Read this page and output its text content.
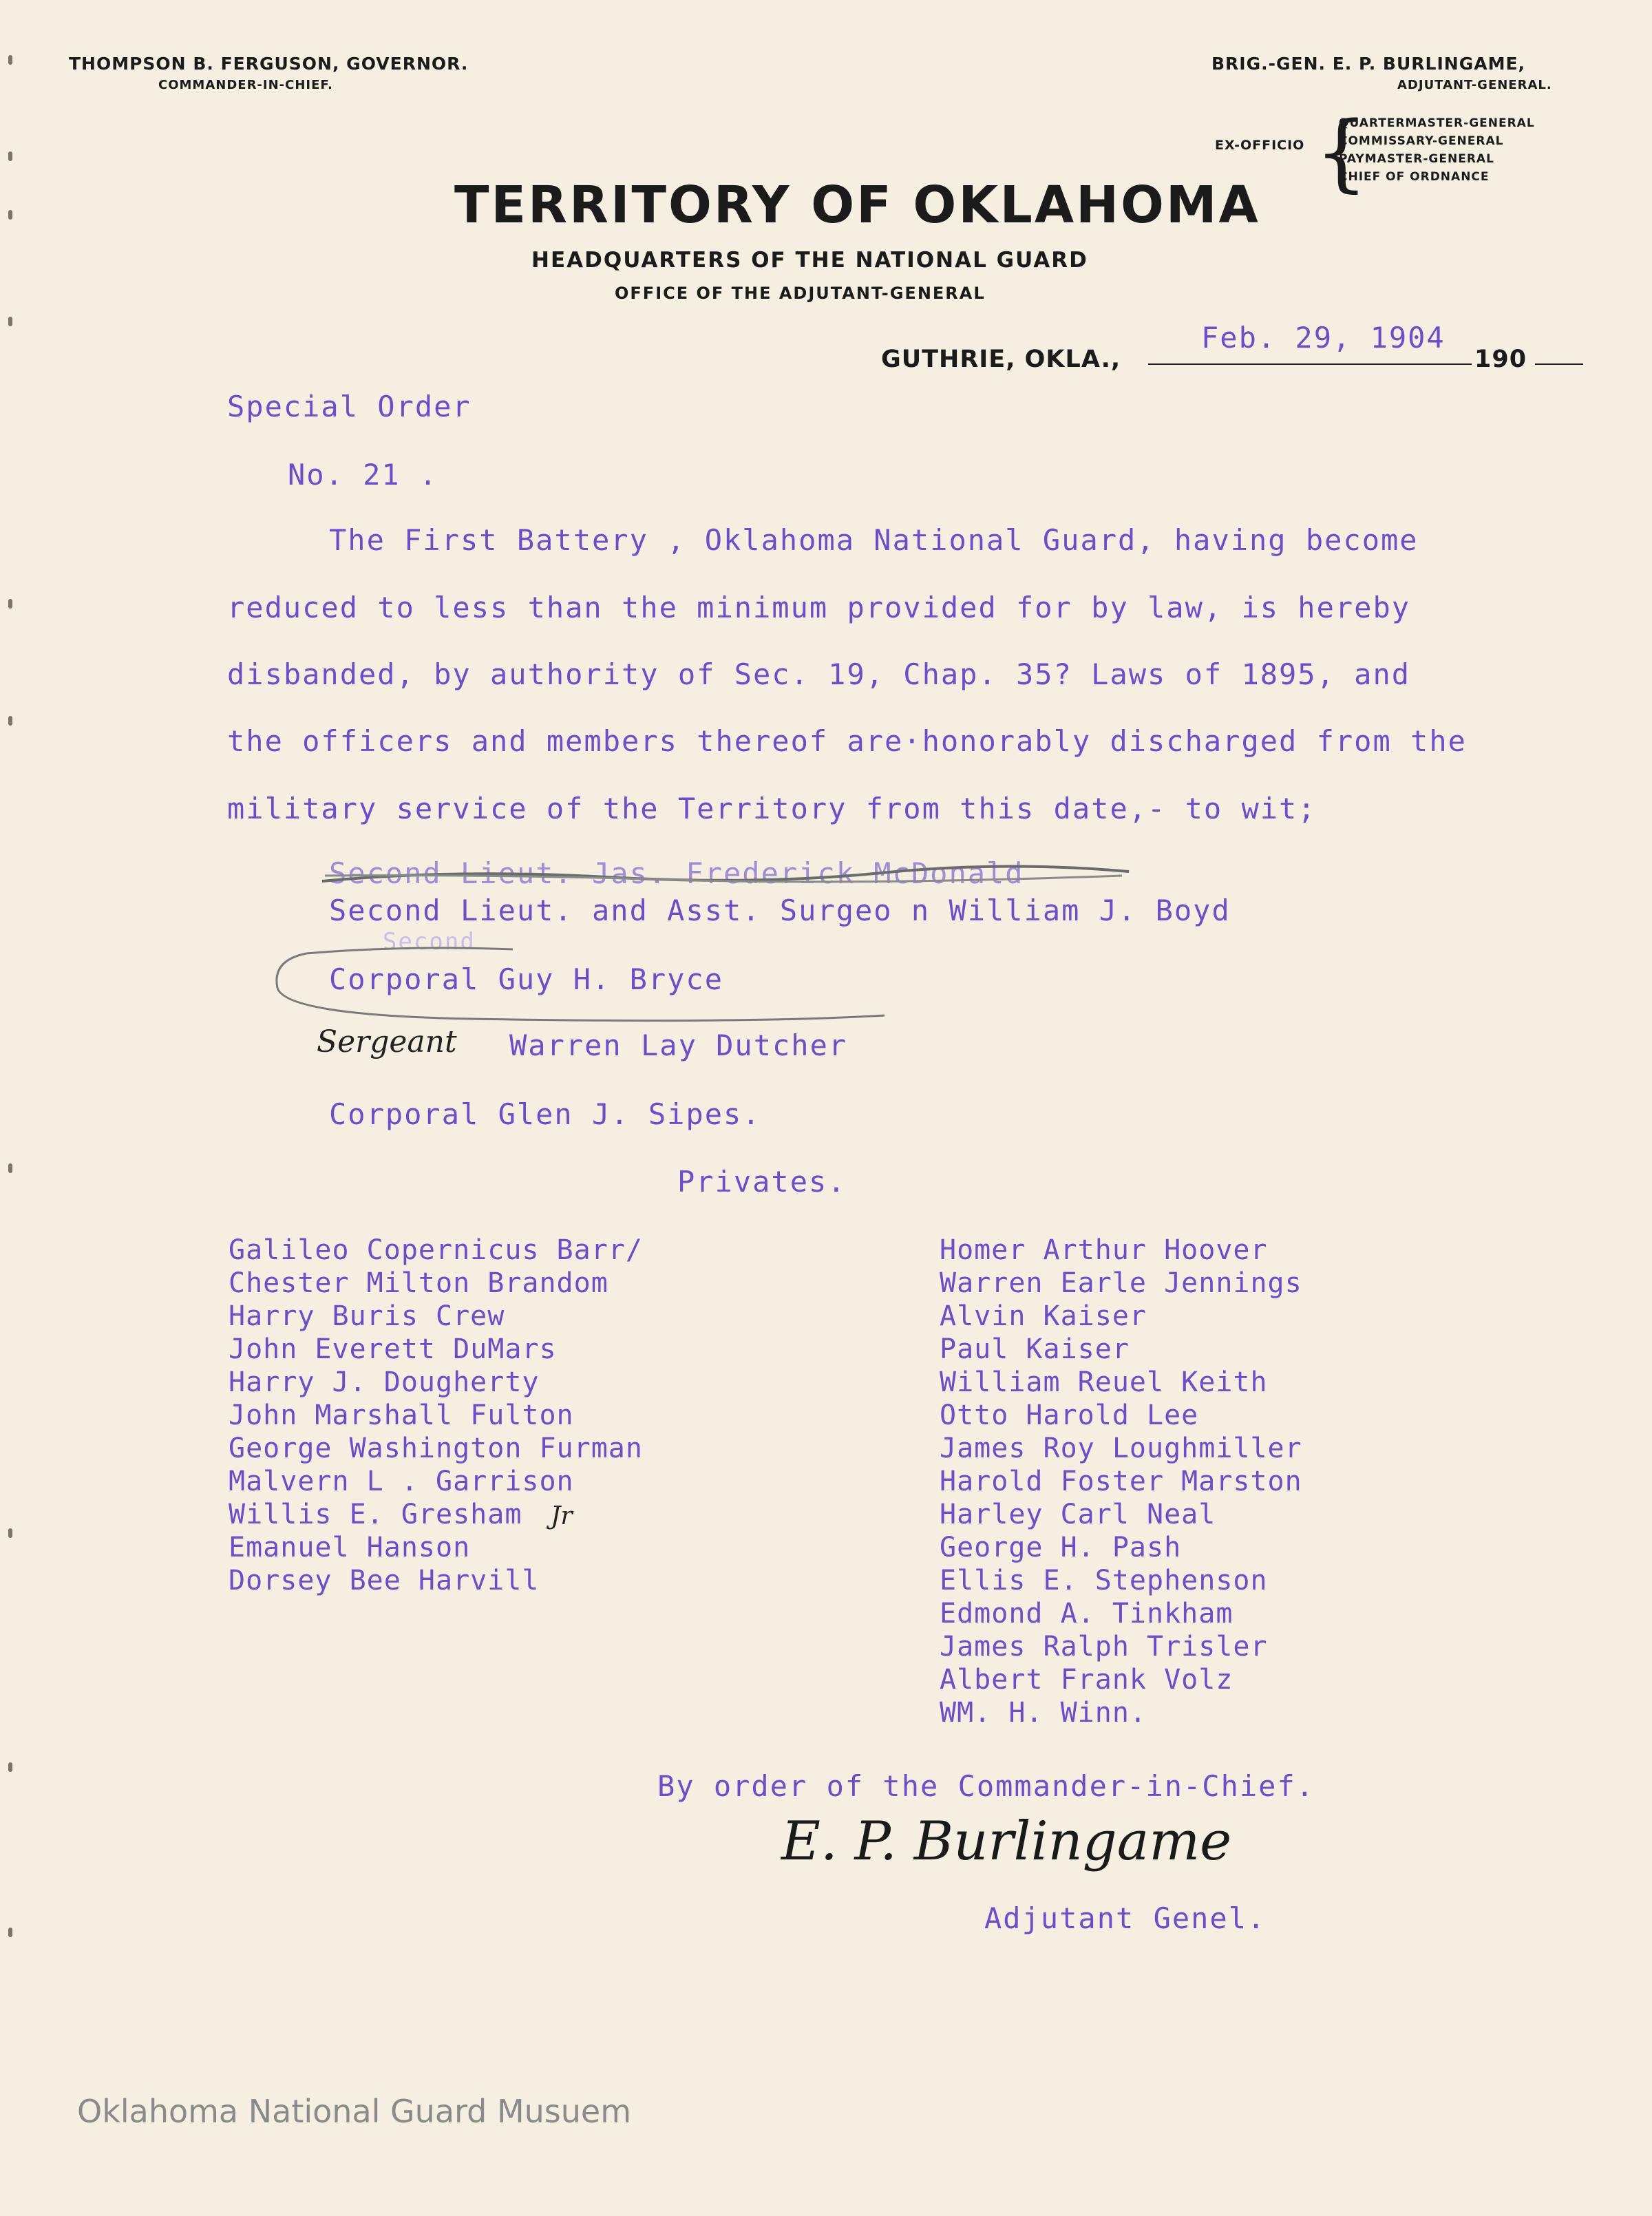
THOMPSON B. FERGUSON, GOVERNOR.
COMMANDER-IN-CHIEF.
BRIG.-GEN. E. P. BURLINGAME,
ADJUTANT-GENERAL.
EX-OFFICIO {
QUARTERMASTER-GENERAL
COMMISSARY-GENERAL
PAYMASTER-GENERAL
CHIEF OF ORDNANCE
TERRITORY OF OKLAHOMA
HEADQUARTERS OF THE NATIONAL GUARD
OFFICE OF THE ADJUTANT-GENERAL
GUTHRIE, OKLA.,
Feb. 29, 1904
190
Special Order
No. 21 .
The First Battery , Oklahoma National Guard, having become
reduced to less than the minimum provided for by law, is hereby
disbanded, by authority of Sec. 19, Chap. 35? Laws of 1895, and
the officers and members thereof are·honorably discharged from the
military service of the Territory from this date,- to wit;
Second Lieut. Jas. Frederick McDonald
Second Lieut. and Asst. Surgeo n William J. Boyd
Second
Corporal Guy H. Bryce
Sergeant Warren Lay Dutcher
Corporal Glen J. Sipes.
Privates.
Galileo Copernicus Barr/
Chester Milton Brandom
Harry Buris Crew
John Everett DuMars
Harry J. Dougherty
John Marshall Fulton
George Washington Furman
Malvern L . Garrison
Willis E. Gresham
Emanuel Hanson
Dorsey Bee Harvill
Jr
Homer Arthur Hoover
Warren Earle Jennings
Alvin Kaiser
Paul Kaiser
William Reuel Keith
Otto Harold Lee
James Roy Loughmiller
Harold Foster Marston
Harley Carl Neal
George H. Pash
Ellis E. Stephenson
Edmond A. Tinkham
James Ralph Trisler
Albert Frank Volz
WM. H. Winn.
By order of the Commander-in-Chief.
E. P. Burlingame
Adjutant Genel.
Oklahoma National Guard Musuem
